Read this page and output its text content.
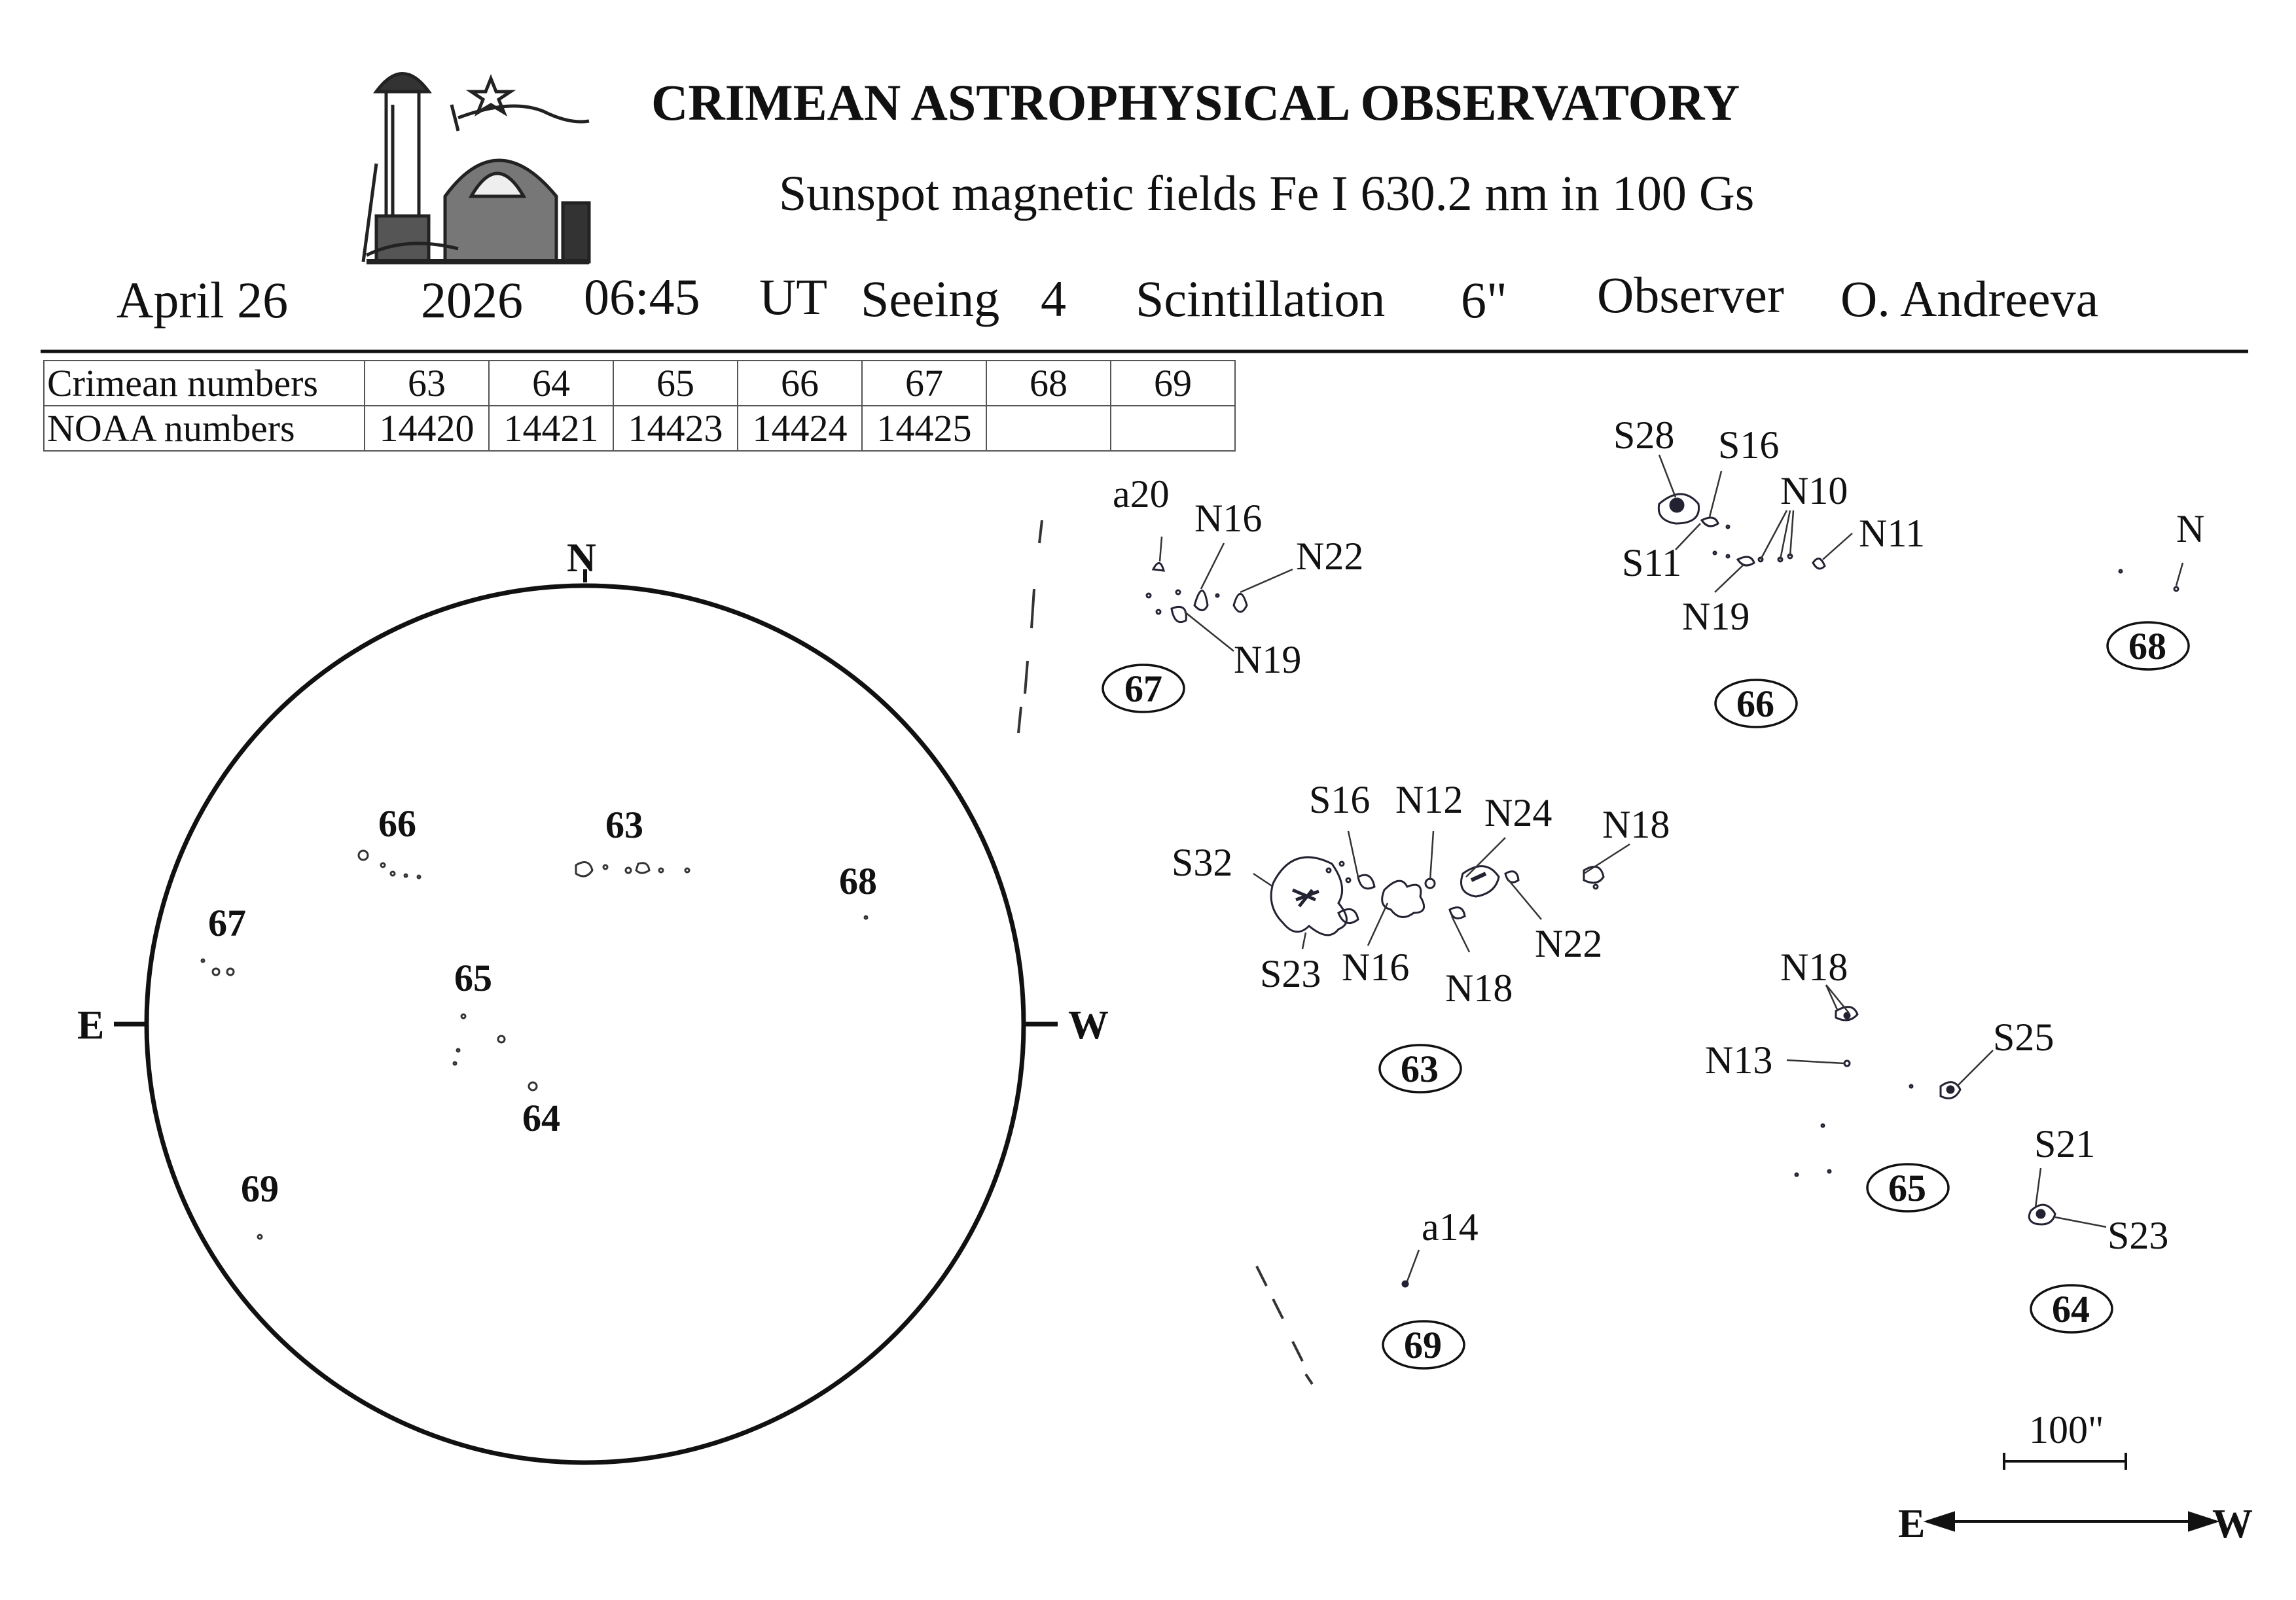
CRIMEAN ASTROPHYSICAL OBSERVATORY
Sunspot magnetic fields Fe I 630.2 nm in 100 Gs
April 26	2026 06:45 UT Seeing 4 Scintillation 6" Observer O. Andreeva
Crimean numbers	63	64	65	66	67	68	69
NOAA numbers	14420	14421	14423	14424	14425		
N
E	W
66	63
68
67
65
64
69
a20
N16
N22
N19
67
S28 S16
N10
S11
N11
N19
66
N
68
S16 N12 N24 N18
S32
N22
S23 N16 N18
63
N18
N13
S25
65
S21
S23
64
a14
69
100"
E	W
